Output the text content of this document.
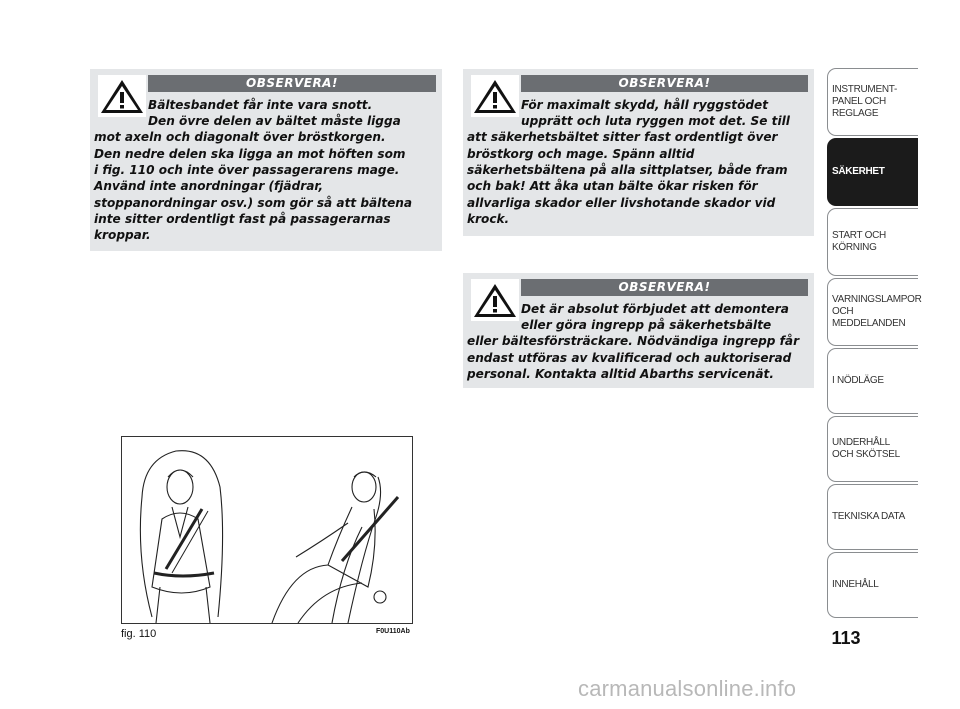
OBSERVERA!
Bältesbandet får inte vara snott.
Den övre delen av bältet måste ligga
mot axeln och diagonalt över bröstkorgen.
Den nedre delen ska ligga an mot höften som
i fig. 110 och inte över passagerarens mage.
Använd inte anordningar (fjädrar,
stoppanordningar osv.) som gör så att bältena
inte sitter ordentligt fast på passagerarnas
kroppar.
OBSERVERA!
För maximalt skydd, håll ryggstödet
upprätt och luta ryggen mot det. Se till
att säkerhetsbältet sitter fast ordentligt över
bröstkorg och mage. Spänn alltid
säkerhetsbältena på alla sittplatser, både fram
och bak! Att åka utan bälte ökar risken för
allvarliga skador eller livshotande skador vid
krock.
OBSERVERA!
Det är absolut förbjudet att demontera
eller göra ingrepp på säkerhetsbälte
eller bältesförsträckare. Nödvändiga ingrepp får
endast utföras av kvalificerad och auktoriserad
personal. Kontakta alltid Abarths servicenät.
fig. 110	F0U110Ab
INSTRUMENT-
PANEL OCH
REGLAGE
SÄKERHET
START OCH
KÖRNING
VARNINGSLAMPOR
OCH
MEDDELANDEN
I NÖDLÄGE
UNDERHÅLL
OCH SKÖTSEL
TEKNISKA DATA
INNEHÅLL
113
carmanualsonline.info
